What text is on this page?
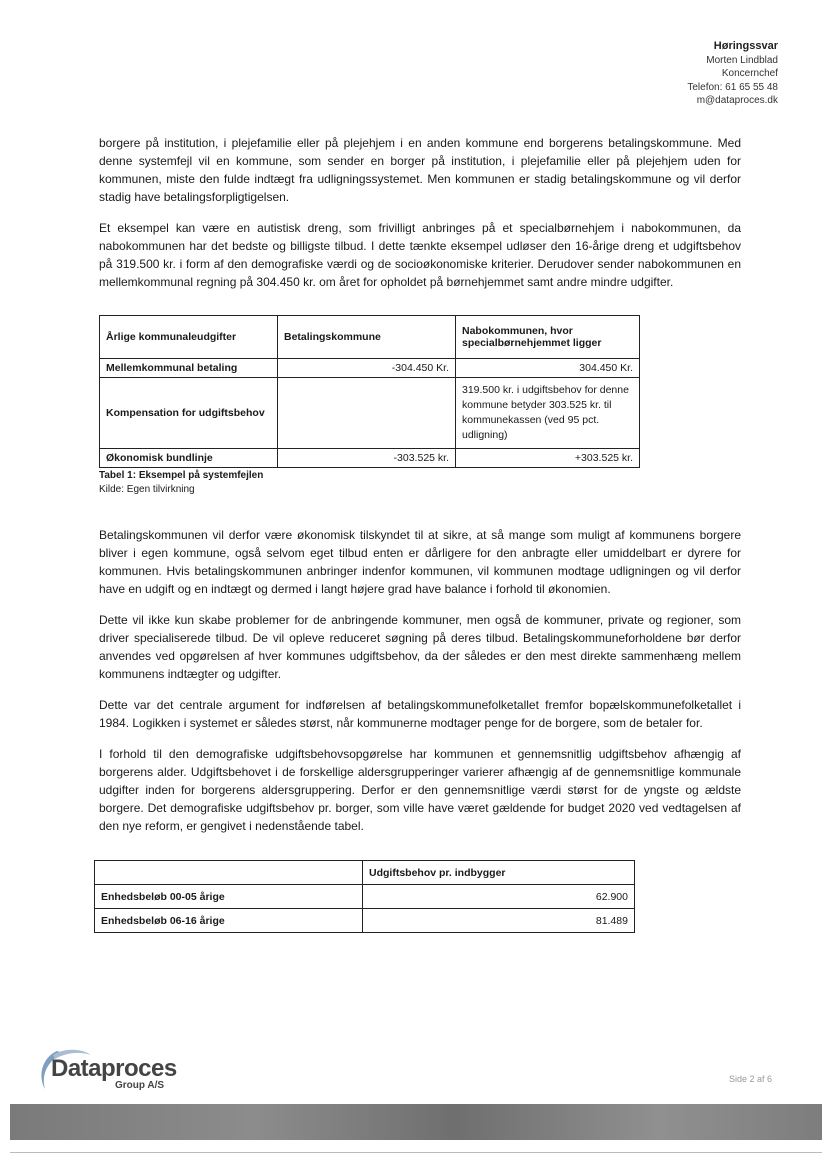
Høringssvar
Morten Lindblad
Koncernchef
Telefon: 61 65 55 48
m@dataproces.dk

borgere på institution, i plejefamilie eller på plejehjem i en anden kommune end borgerens betalingskommune. Med denne systemfejl vil en kommune, som sender en borger på institution, i plejefamilie eller på plejehjem uden for kommunen, miste den fulde indtægt fra udligningssystemet. Men kommunen er stadig betalingskommune og vil derfor stadig have betalingsforpligtigelsen.

Et eksempel kan være en autistisk dreng, som frivilligt anbringes på et specialbørnehjem i nabokommunen, da nabokommunen har det bedste og billigste tilbud. I dette tænkte eksempel udløser den 16-årige dreng et udgiftsbehov på 319.500 kr. i form af den demografiske værdi og de socioøkonomiske kriterier. Derudover sender nabokommunen en mellemkommunal regning på 304.450 kr. om året for opholdet på børnehjemmet samt andre mindre udgifter.

Årlige kommunaleudgifter	Betalingskommune	Nabokommunen, hvor specialbørnehjemmet ligger
Mellemkommunal betaling	-304.450 Kr.	304.450 Kr.
Kompensation for udgiftsbehov		319.500 kr. i udgiftsbehov for denne kommune betyder 303.525 kr. til kommunekassen (ved 95 pct. udligning)
Økonomisk bundlinje	-303.525 kr.	+303.525 kr.
Tabel 1: Eksempel på systemfejlen
Kilde: Egen tilvirkning

Betalingskommunen vil derfor være økonomisk tilskyndet til at sikre, at så mange som muligt af kommunens borgere bliver i egen kommune, også selvom eget tilbud enten er dårligere for den anbragte eller umiddelbart er dyrere for kommunen. Hvis betalingskommunen anbringer indenfor kommunen, vil kommunen modtage udligningen og vil derfor have en udgift og en indtægt og dermed i langt højere grad have balance i forhold til økonomien.

Dette vil ikke kun skabe problemer for de anbringende kommuner, men også de kommuner, private og regioner, som driver specialiserede tilbud. De vil opleve reduceret søgning på deres tilbud. Betalingskommuneforholdene bør derfor anvendes ved opgørelsen af hver kommunes udgiftsbehov, da der således er den mest direkte sammenhæng mellem kommunens indtægter og udgifter.

Dette var det centrale argument for indførelsen af betalingskommunefolketallet fremfor bopælskommunefolketallet i 1984. Logikken i systemet er således størst, når kommunerne modtager penge for de borgere, som de betaler for.

I forhold til den demografiske udgiftsbehovsopgørelse har kommunen et gennemsnitlig udgiftsbehov afhængig af borgerens alder. Udgiftsbehovet i de forskellige aldersgrupperinger varierer afhængig af de gennemsnitlige kommunale udgifter inden for borgerens aldersgruppering. Derfor er den gennemsnitlige værdi størst for de yngste og ældste borgere. Det demografiske udgiftsbehov pr. borger, som ville have været gældende for budget 2020 ved vedtagelsen af den nye reform, er gengivet i nedenstående tabel.

	Udgiftsbehov pr. indbygger
Enhedsbeløb 00-05 årige	62.900
Enhedsbeløb 06-16 årige	81.489
Dataproces
Group A/S
Side 2 af 6
